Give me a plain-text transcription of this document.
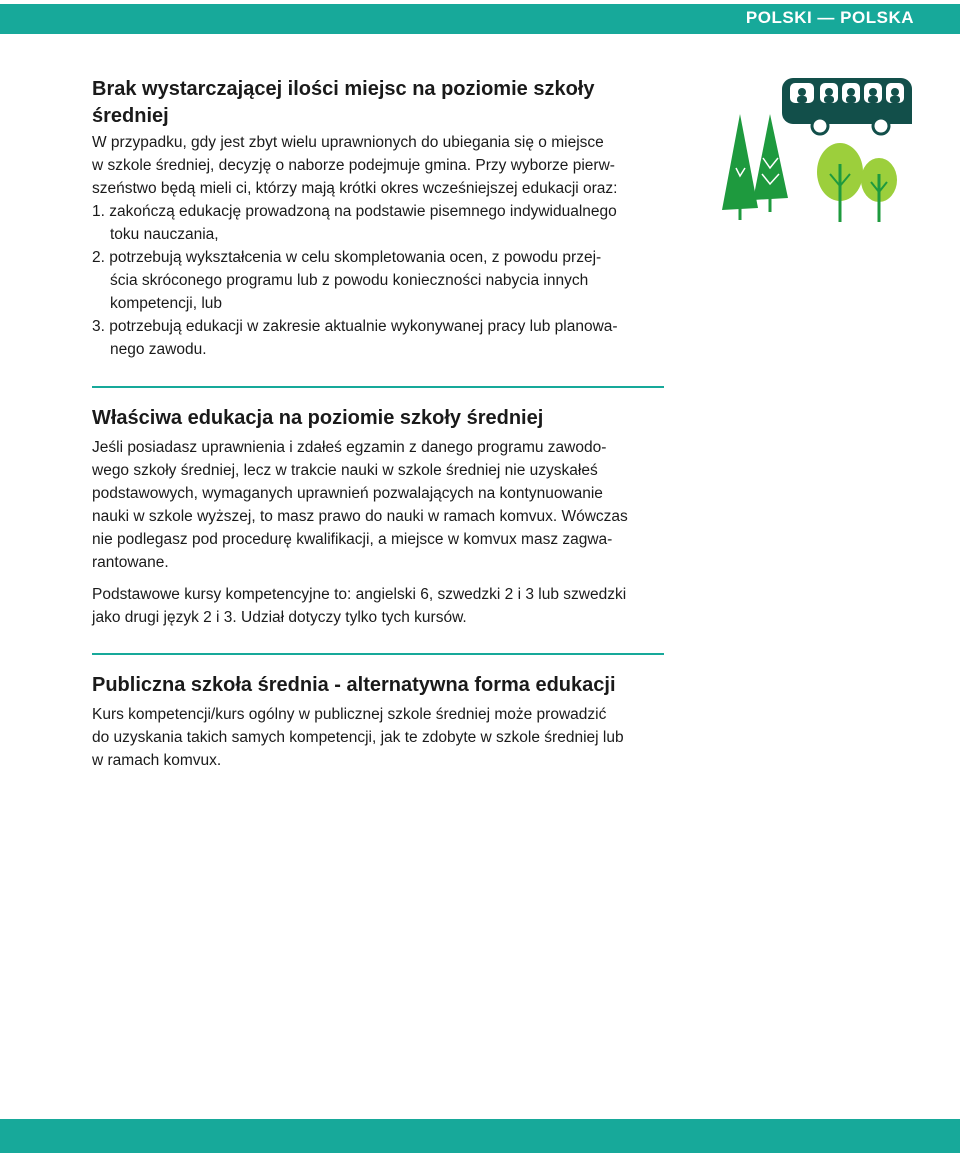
POLSKI — POLSKA
Brak wystarczającej ilości miejsc na poziomie szkoły
średniej

W przypadku, gdy jest zbyt wielu uprawnionych do ubiegania się o miejsce
w szkole średniej, decyzję o naborze podejmuje gmina. Przy wyborze pierw-
szeństwo będą mieli ci, którzy mają krótki okres wcześniejszej edukacji oraz:

1. zakończą edukację prowadzoną na podstawie pisemnego indywidualnego
toku nauczania,
2. potrzebują wykształcenia w celu skompletowania ocen, z powodu przej-
ścia skróconego programu lub z powodu konieczności nabycia innych
kompetencji, lub
3. potrzebują edukacji w zakresie aktualnie wykonywanej pracy lub planowa-
nego zawodu.
Właściwa edukacja na poziomie szkoły średniej

Jeśli posiadasz uprawnienia i zdałeś egzamin z danego programu zawodo-
wego szkoły średniej, lecz w trakcie nauki w szkole średniej nie uzyskałeś
podstawowych, wymaganych uprawnień pozwalających na kontynuowanie
nauki w szkole wyższej, to masz prawo do nauki w ramach komvux. Wówczas
nie podlegasz pod procedurę kwalifikacji, a miejsce w komvux masz zagwa-
rantowane.

Podstawowe kursy kompetencyjne to: angielski 6, szwedzki 2 i 3 lub szwedzki
jako drugi język 2 i 3. Udział dotyczy tylko tych kursów.

Publiczna szkoła średnia - alternatywna forma edukacji

Kurs kompetencji/kurs ogólny w publicznej szkole średniej może prowadzić
do uzyskania takich samych kompetencji, jak te zdobyte w szkole średniej lub
w ramach komvux.
